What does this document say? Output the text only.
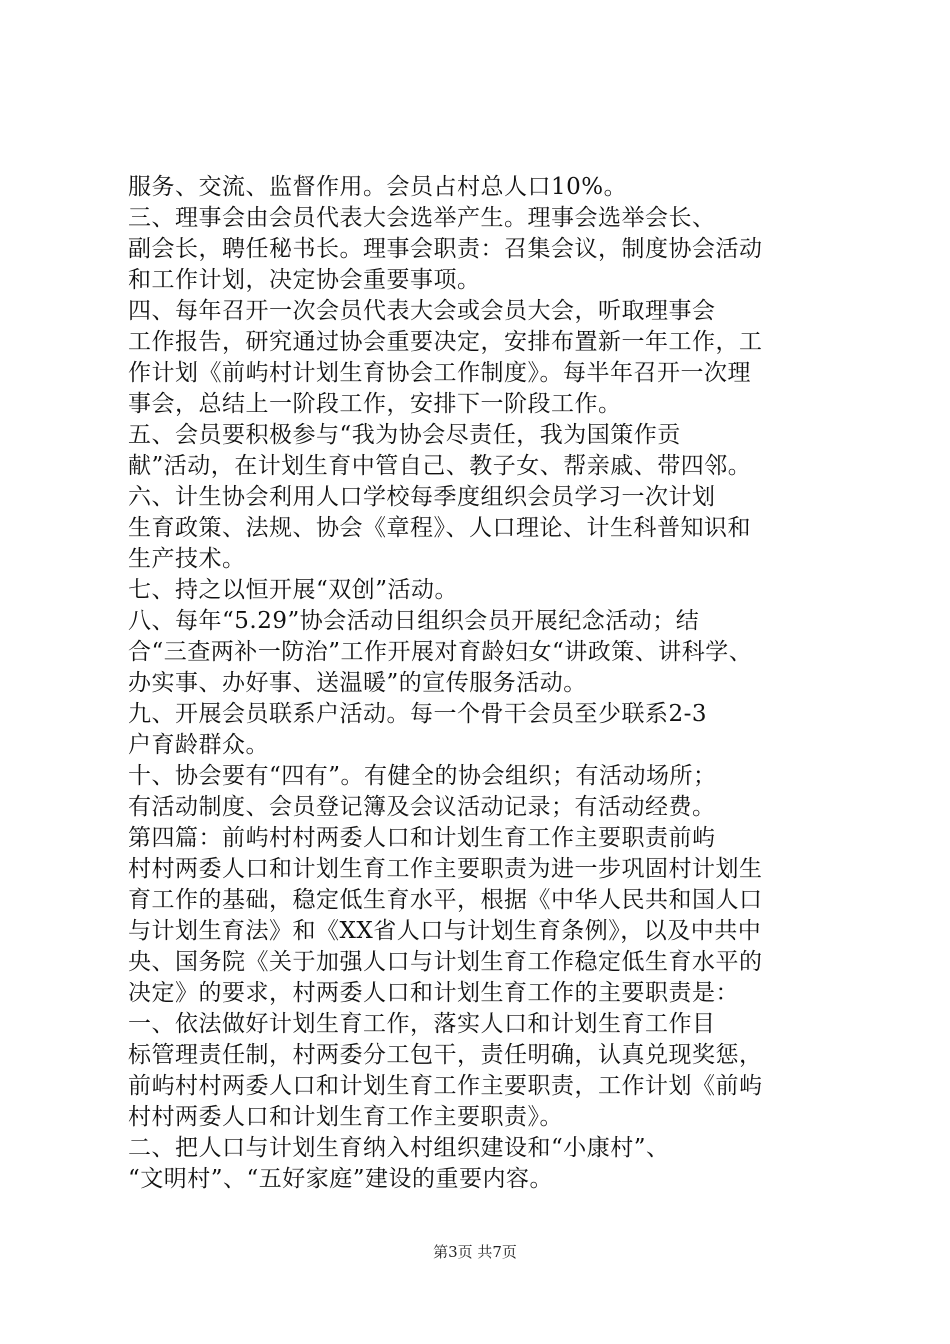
服务、交流、监督作用。会员占村总人口10%。
三、理事会由会员代表大会选举产生。理事会选举会长、
副会长，聘任秘书长。理事会职责：召集会议，制度协会活动
和工作计划，决定协会重要事项。
四、每年召开一次会员代表大会或会员大会，听取理事会
工作报告，研究通过协会重要决定，安排布置新一年工作，工
作计划《前屿村计划生育协会工作制度》。每半年召开一次理
事会，总结上一阶段工作，安排下一阶段工作。
五、会员要积极参与“我为协会尽责任，我为国策作贡
献”活动，在计划生育中管自己、教子女、帮亲戚、带四邻。
六、计生协会利用人口学校每季度组织会员学习一次计划
生育政策、法规、协会《章程》、人口理论、计生科普知识和
生产技术。
七、持之以恒开展“双创”活动。
八、每年“5.29”协会活动日组织会员开展纪念活动；结
合“三查两补一防治”工作开展对育龄妇女“讲政策、讲科学、
办实事、办好事、送温暖”的宣传服务活动。
九、开展会员联系户活动。每一个骨干会员至少联系2-3
户育龄群众。
十、协会要有“四有”。有健全的协会组织；有活动场所；
有活动制度、会员登记簿及会议活动记录；有活动经费。
第四篇：前屿村村两委人口和计划生育工作主要职责前屿
村村两委人口和计划生育工作主要职责为进一步巩固村计划生
育工作的基础，稳定低生育水平，根据《中华人民共和国人口
与计划生育法》和《XX省人口与计划生育条例》，以及中共中
央、国务院《关于加强人口与计划生育工作稳定低生育水平的
决定》的要求，村两委人口和计划生育工作的主要职责是：
一、依法做好计划生育工作，落实人口和计划生育工作目
标管理责任制，村两委分工包干，责任明确，认真兑现奖惩，
前屿村村两委人口和计划生育工作主要职责，工作计划《前屿
村村两委人口和计划生育工作主要职责》。
二、把人口与计划生育纳入村组织建设和“小康村”、
“文明村”、“五好家庭”建设的重要内容。
第3页 共7页
